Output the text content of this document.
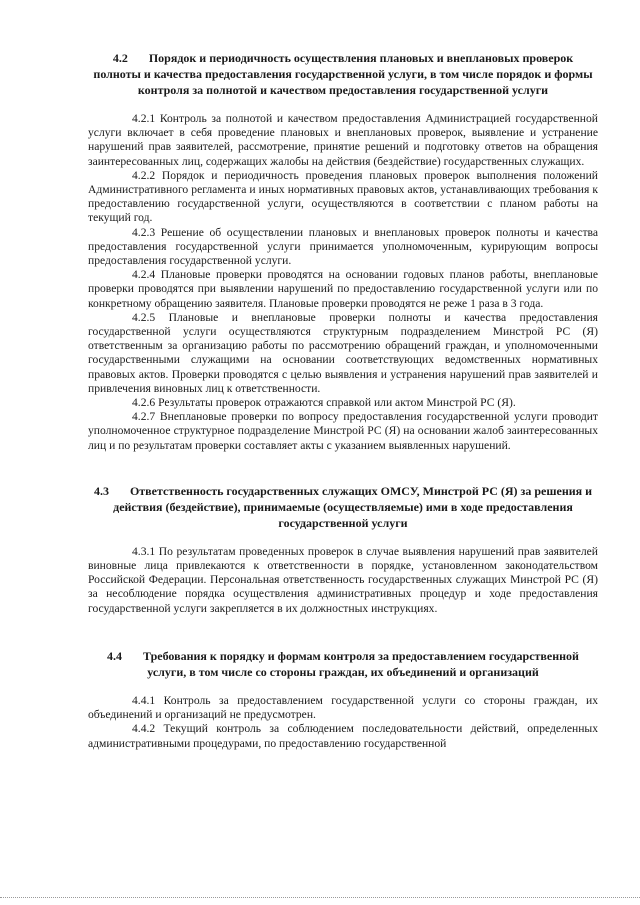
4.2 Порядок и периодичность осуществления плановых и внеплановых проверок полноты и качества предоставления государственной услуги, в том числе порядок и формы контроля за полнотой и качеством предоставления государственной услуги

4.2.1 Контроль за полнотой и качеством предоставления Администрацией государственной услуги включает в себя проведение плановых и внеплановых проверок, выявление и устранение нарушений прав заявителей, рассмотрение, принятие решений и подготовку ответов на обращения заинтересованных лиц, содержащих жалобы на действия (бездействие) государственных служащих.

4.2.2 Порядок и периодичность проведения плановых проверок выполнения положений Административного регламента и иных нормативных правовых актов, устанавливающих требования к предоставлению государственной услуги, осуществляются в соответствии с планом работы на текущий год.

4.2.3 Решение об осуществлении плановых и внеплановых проверок полноты и качества предоставления государственной услуги принимается уполномоченным, курирующим вопросы предоставления государственной услуги.

4.2.4 Плановые проверки проводятся на основании годовых планов работы, внеплановые проверки проводятся при выявлении нарушений по предоставлению государственной услуги или по конкретному обращению заявителя. Плановые проверки проводятся не реже 1 раза в 3 года.

4.2.5 Плановые и внеплановые проверки полноты и качества предоставления государственной услуги осуществляются структурным подразделением Минстрой РС (Я) ответственным за организацию работы по рассмотрению обращений граждан, и уполномоченными государственными служащими на основании соответствующих ведомственных нормативных правовых актов. Проверки проводятся с целью выявления и устранения нарушений прав заявителей и привлечения виновных лиц к ответственности.

4.2.6 Результаты проверок отражаются справкой или актом Минстрой РС (Я).

4.2.7 Внеплановые проверки по вопросу предоставления государственной услуги проводит уполномоченное структурное подразделение Минстрой РС (Я) на основании жалоб заинтересованных лиц и по результатам проверки составляет акты с указанием выявленных нарушений.

4.3 Ответственность государственных служащих ОМСУ, Минстрой РС (Я) за решения и действия (бездействие), принимаемые (осуществляемые) ими в ходе предоставления государственной услуги

4.3.1 По результатам проведенных проверок в случае выявления нарушений прав заявителей виновные лица привлекаются к ответственности в порядке, установленном законодательством Российской Федерации. Персональная ответственность государственных служащих Минстрой РС (Я) за несоблюдение порядка осуществления административных процедур и ходе предоставления государственной услуги закрепляется в их должностных инструкциях.

4.4 Требования к порядку и формам контроля за предоставлением государственной услуги, в том числе со стороны граждан, их объединений и организаций

4.4.1 Контроль за предоставлением государственной услуги со стороны граждан, их объединений и организаций не предусмотрен.

4.4.2 Текущий контроль за соблюдением последовательности действий, определенных административными процедурами, по предоставлению государственной
